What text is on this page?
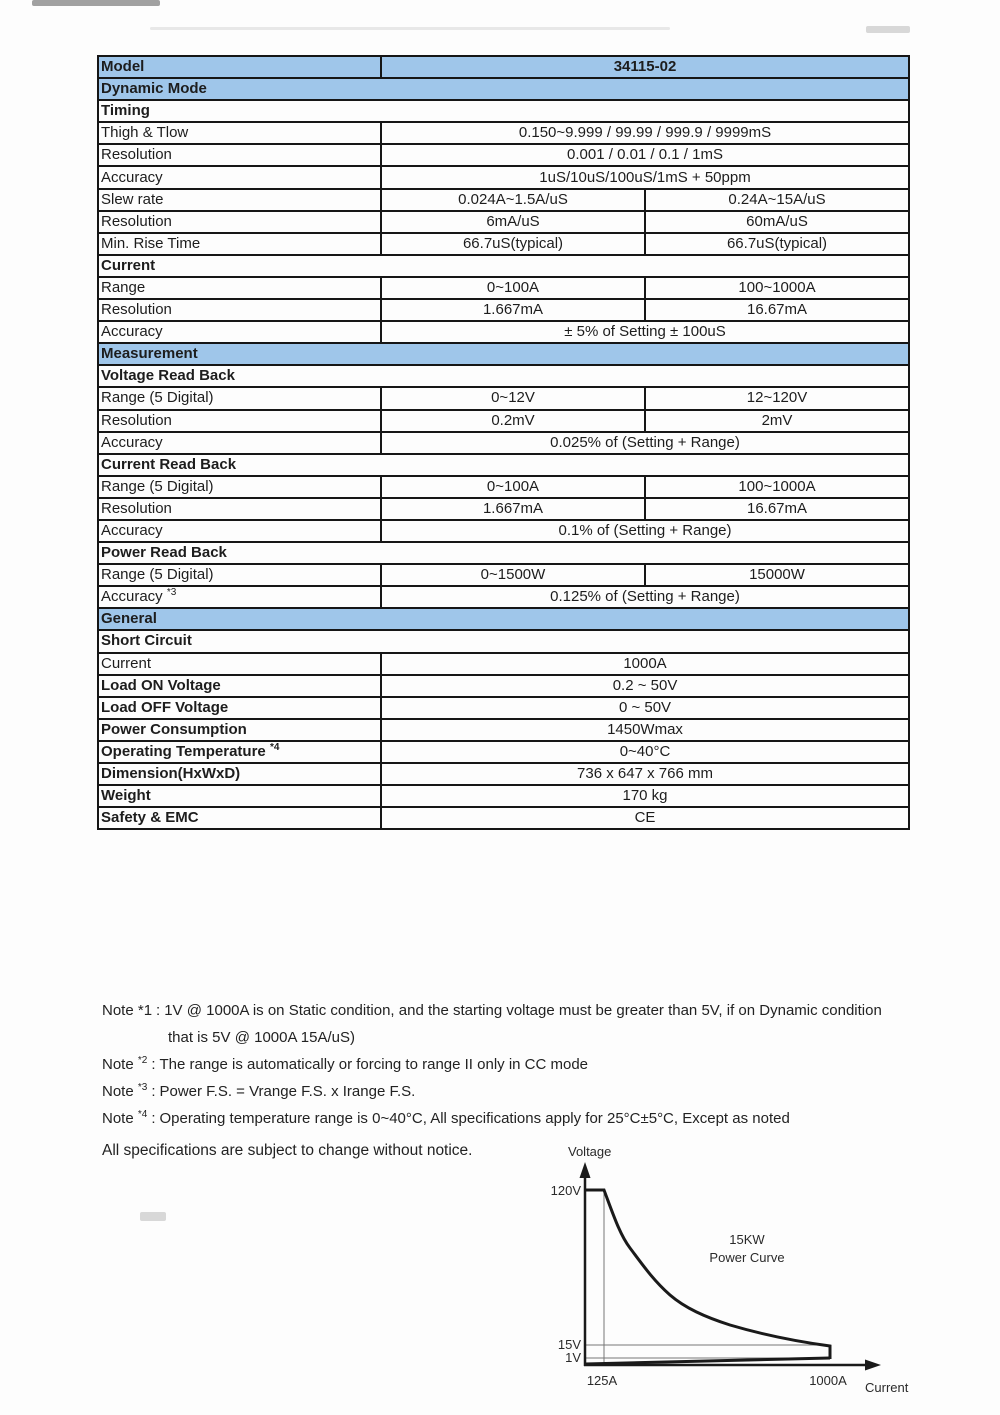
Model	34115-02	
Dynamic Mode		
Timing		
Thigh & Tlow	0.150~9.999 / 99.99 / 999.9 / 9999mS	
Resolution	0.001 / 0.01 / 0.1 / 1mS	
Accuracy	1uS/10uS/100uS/1mS + 50ppm	
Slew rate	0.024A~1.5A/uS	0.24A~15A/uS
Resolution	6mA/uS	60mA/uS
Min. Rise Time	66.7uS(typical)	66.7uS(typical)
Current		
Range	0~100A	100~1000A
Resolution	1.667mA	16.67mA
Accuracy	± 5% of Setting ± 100uS	
Measurement		
Voltage Read Back		
Range (5 Digital)	0~12V	12~120V
Resolution	0.2mV	2mV
Accuracy	0.025% of (Setting + Range)	
Current Read Back		
Range (5 Digital)	0~100A	100~1000A
Resolution	1.667mA	16.67mA
Accuracy	0.1% of (Setting + Range)	
Power Read Back		
Range (5 Digital)	0~1500W	15000W
Accuracy $^{*3}$	0.125% of (Setting + Range)	
General		
Short Circuit		
Current	1000A	
Load ON Voltage	0.2 ~ 50V	
Load OFF Voltage	0 ~ 50V	
Power Consumption	1450Wmax	
Operating Temperature $^{*4}$	0~40°C	
Dimension(HxWxD)	736 x 647 x 766 mm	
Weight	170 kg	
Safety & EMC	CE	
Note *1 : 1V @ 1000A is on Static condition, and the starting voltage must be greater than 5V, if on Dynamic condition that is 5V @ 1000A 15A/uS)
Note $^{*2}$ : The range is automatically or forcing to range II only in CC mode
Note $^{*3}$ : Power F.S. = Vrange F.S. x Irange F.S.
Note $^{*4}$ : Operating temperature range is 0~40°C, All specifications apply for 25°C±5°C, Except as noted
All specifications are subject to change without notice.	Voltage
120V
15V
1V
125A	1000A Current
15KW
Power Curve
